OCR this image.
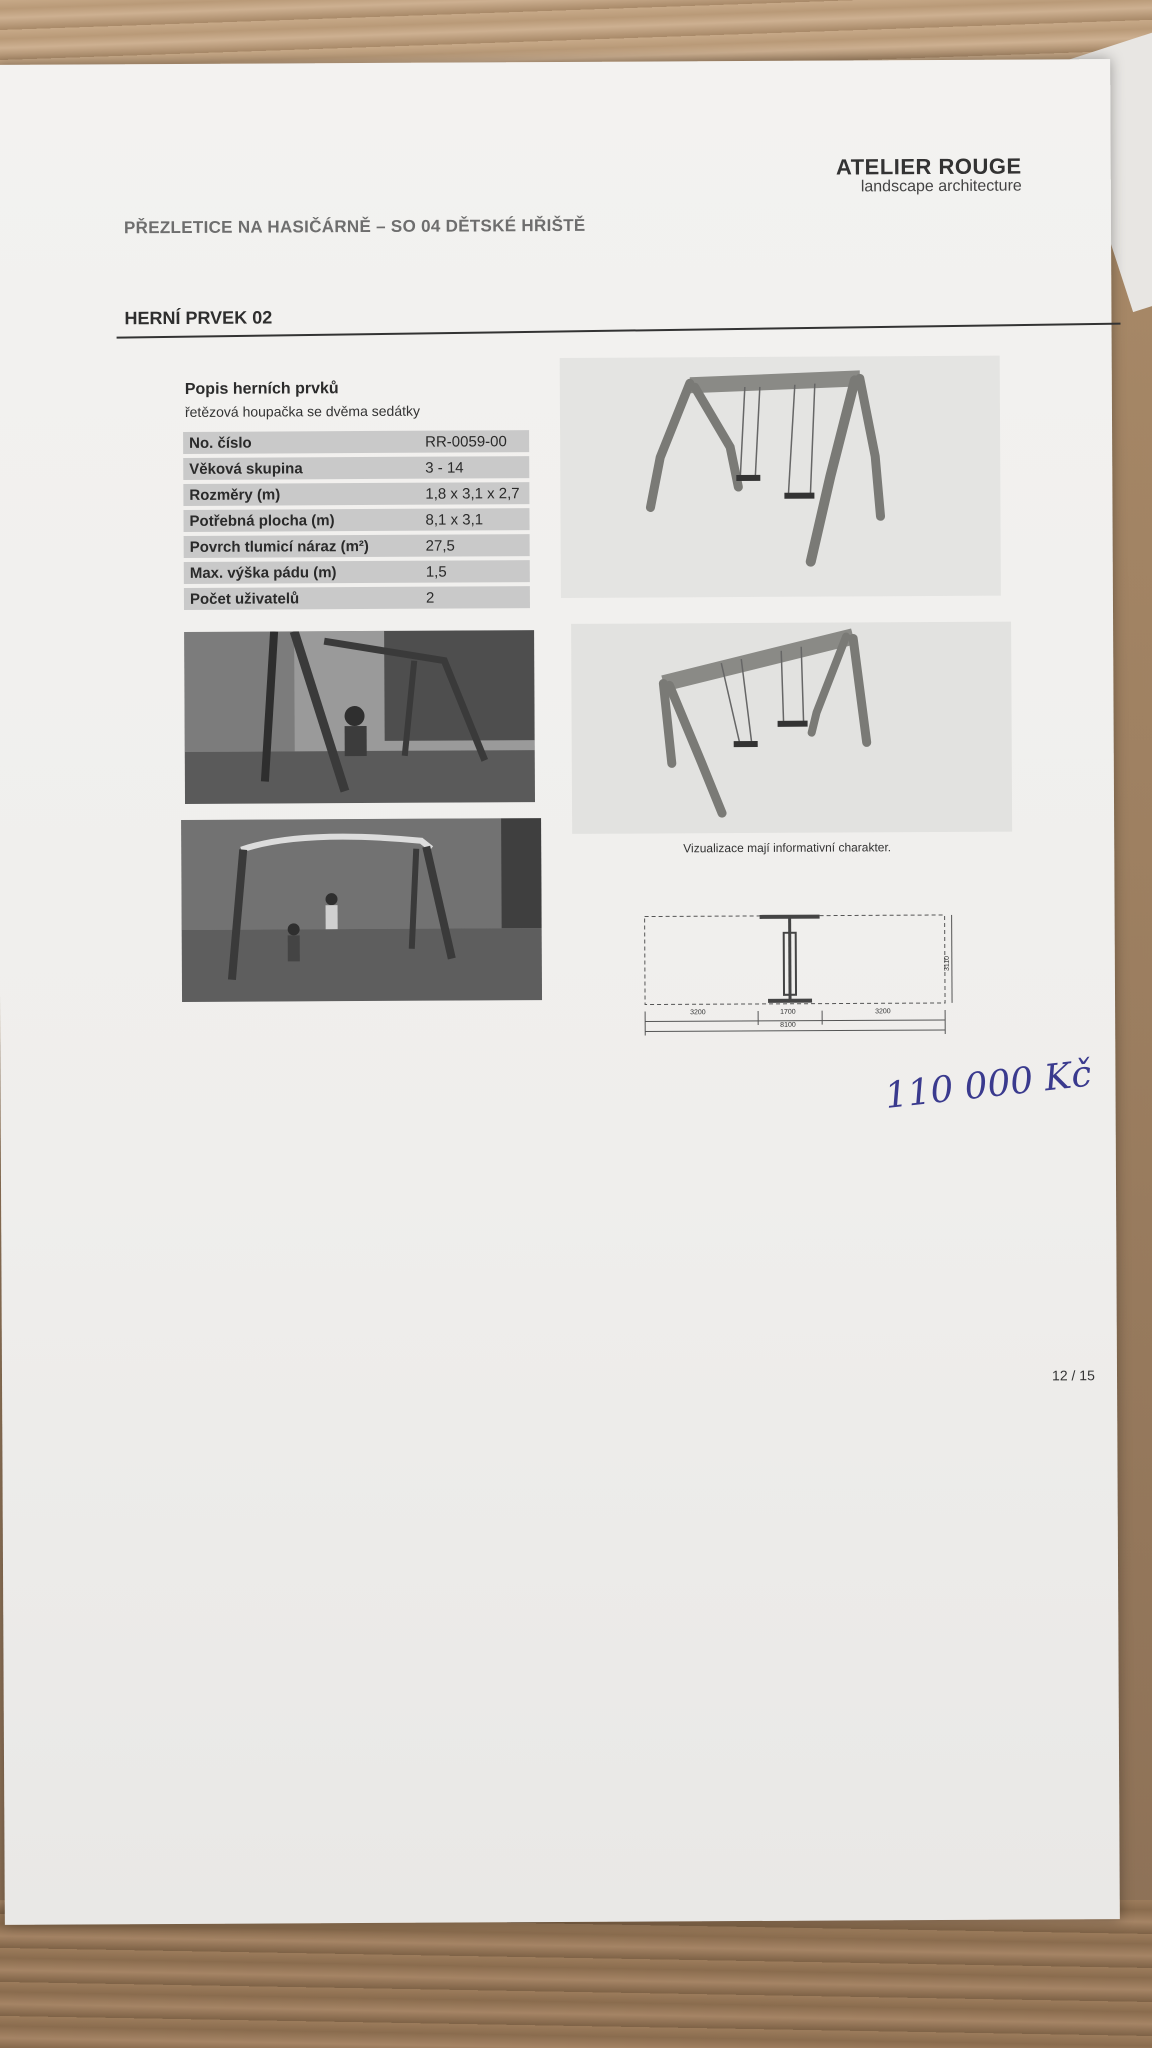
PŘEZLETICE NA HASIČÁRNĚ – SO 04 DĚTSKÉ HŘIŠTĚ
ATELIER ROUGE
landscape architecture
HERNÍ PRVEK 02
Popis herních prvků
řetězová houpačka se dvěma sedátky
No. číslo	RR-0059-00
Věková skupina	3 - 14
Rozměry (m)	1,8 x 3,1 x 2,7
Potřebná plocha (m)	8,1 x 3,1
Povrch tlumicí náraz (m²)	27,5
Max. výška pádu (m)	1,5
Počet uživatelů	2
Vizualizace mají informativní charakter.
3200	1700	3200
8100
3110
110 000 Kč
12 / 15
